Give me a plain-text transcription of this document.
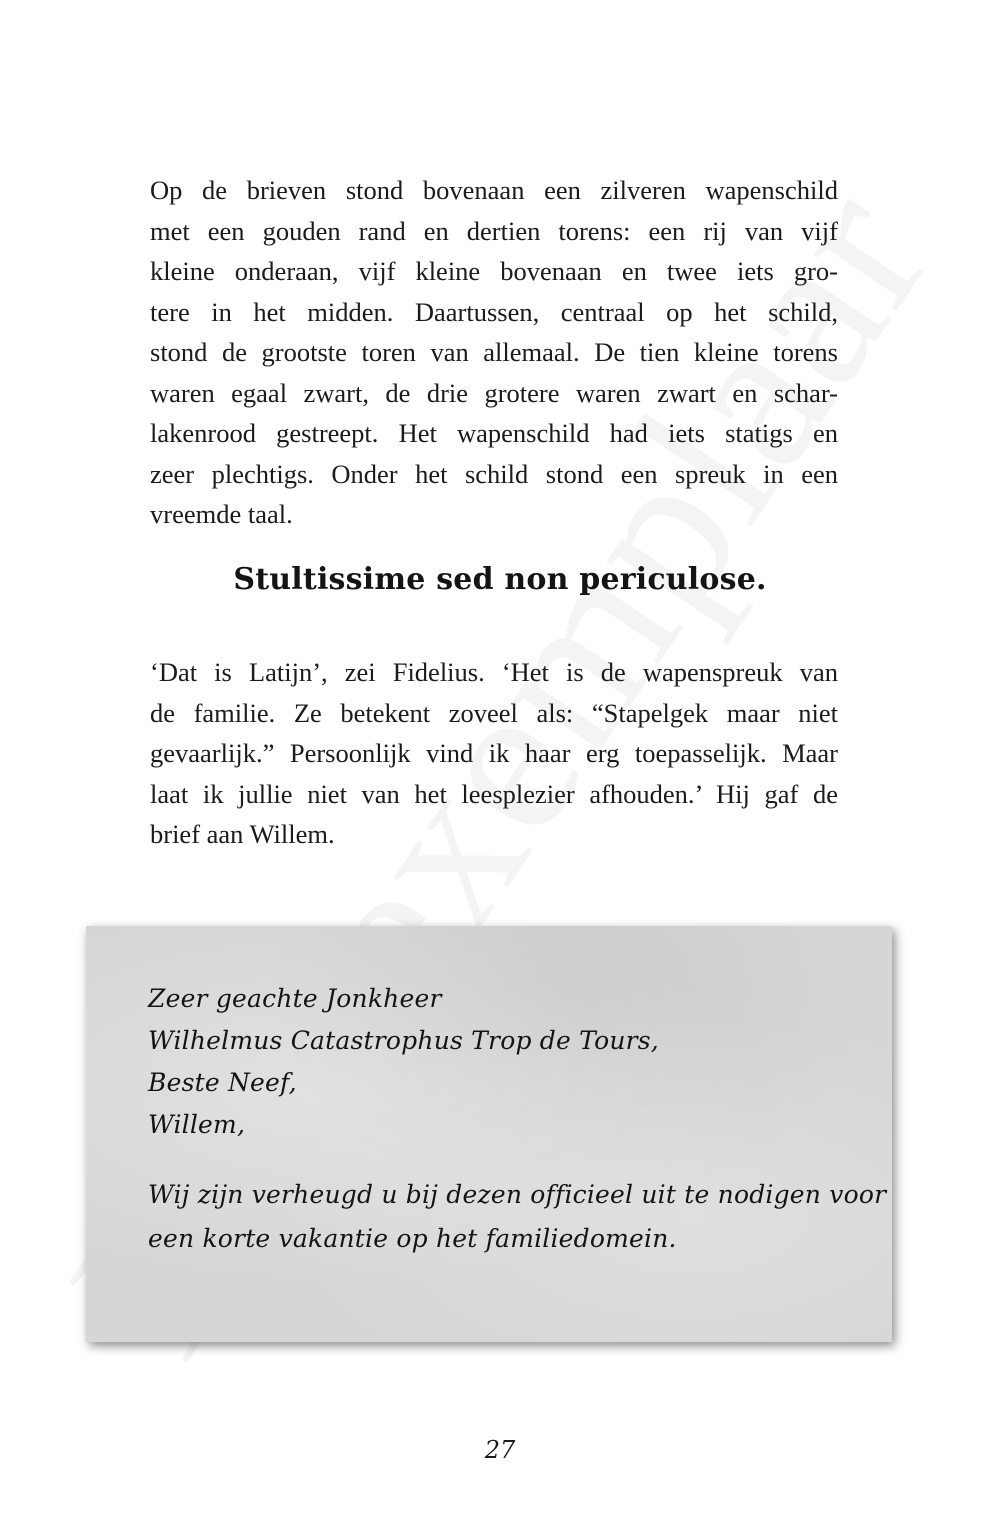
Op de brieven stond bovenaan een zilveren wapenschild
met een gouden rand en dertien torens: een rij van vijf
kleine onderaan, vijf kleine bovenaan en twee iets gro-
tere in het midden. Daartussen, centraal op het schild,
stond de grootste toren van allemaal. De tien kleine torens
waren egaal zwart, de drie grotere waren zwart en schar-
lakenrood gestreept. Het wapenschild had iets statigs en
zeer plechtigs. Onder het schild stond een spreuk in een
vreemde taal.
Stultissime sed non periculose.
‘Dat is Latijn’, zei Fidelius. ‘Het is de wapenspreuk van
de familie. Ze betekent zoveel als: “Stapelgek maar niet
gevaarlijk.” Persoonlijk vind ik haar erg toepasselijk. Maar
laat ik jullie niet van het leesplezier afhouden.’ Hij gaf de
brief aan Willem.
Zeer geachte Jonkheer
Wilhelmus Catastrophus Trop de Tours,
Beste Neef,
Willem,
Wij zijn verheugd u bij dezen officieel uit te nodigen voor
een korte vakantie op het familiedomein.
27
